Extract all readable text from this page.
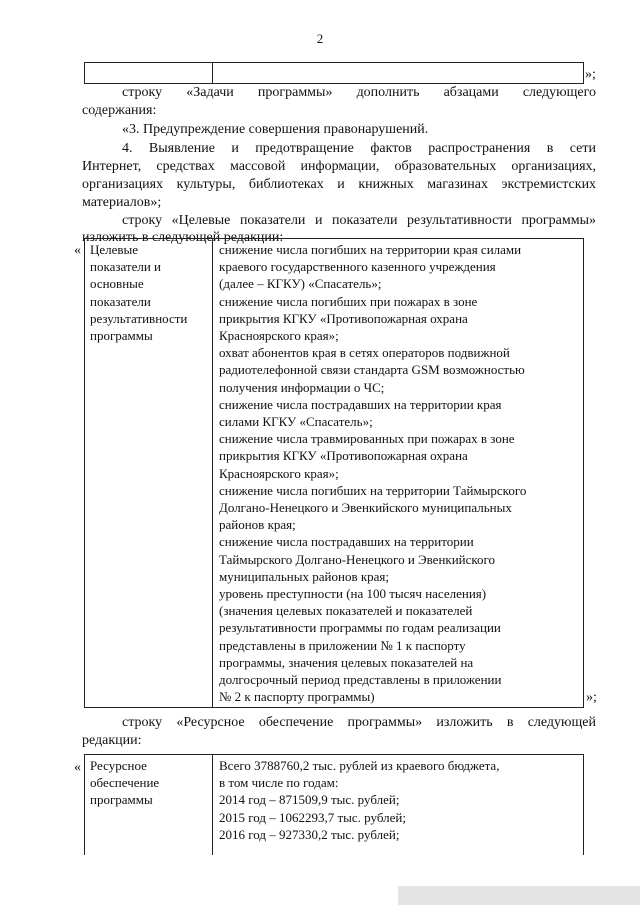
2
»;
строку «Задачи программы» дополнить абзацами следующего
содержания:
«3. Предупреждение совершения правонарушений.
4. Выявление и предотвращение фактов распространения в сети
Интернет, средствах массовой информации, образовательных организациях,
организациях культуры, библиотеках и книжных магазинах экстремистских
материалов»;
строку «Целевые показатели и показатели результативности программы»
изложить в следующей редакции:
« Целевые
показатели и
основные
показатели
результативности
программы
снижение числа погибших на территории края силами
краевого государственного казенного учреждения
(далее – КГКУ) «Спасатель»;
снижение числа погибших при пожарах в зоне
прикрытия КГКУ «Противопожарная охрана
Красноярского края»;
охват абонентов края в сетях операторов подвижной
радиотелефонной связи стандарта GSM возможностью
получения информации о ЧС;
снижение числа пострадавших на территории края
силами КГКУ «Спасатель»;
снижение числа травмированных при пожарах в зоне
прикрытия КГКУ «Противопожарная охрана
Красноярского края»;
снижение числа погибших на территории Таймырского
Долгано-Ненецкого и Эвенкийского муниципальных
районов края;
снижение числа пострадавших на территории
Таймырского Долгано-Ненецкого и Эвенкийского
муниципальных районов края;
уровень преступности (на 100 тысяч населения)
(значения целевых показателей и показателей
результативности программы по годам реализации
представлены в приложении № 1 к паспорту
программы, значения целевых показателей на
долгосрочный период представлены в приложении
№ 2 к паспорту программы)	»;
строку «Ресурсное обеспечение программы» изложить в следующей
редакции:
« Ресурсное
обеспечение
программы
Всего 3788760,2 тыс. рублей из краевого бюджета,
в том числе по годам:
2014 год – 871509,9 тыс. рублей;
2015 год – 1062293,7 тыс. рублей;
2016 год – 927330,2 тыс. рублей;
